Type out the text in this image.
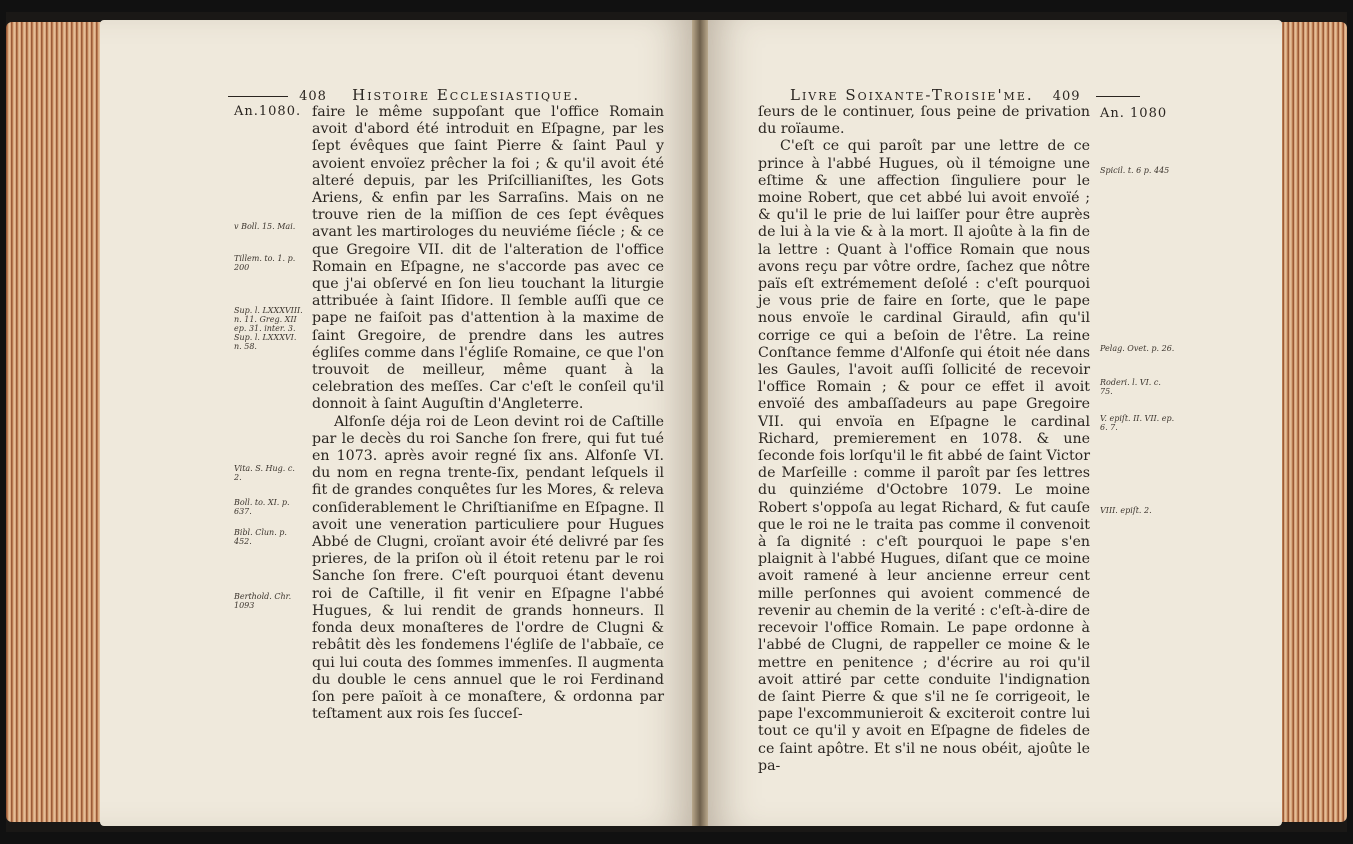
408 Histoire Ecclesiastique.
An.1080. faire le même suppoſant que l'office Romain avoit d'abord été introduit en Eſpagne, par les ſept évêques que ſaint Pierre & ſaint Paul y avoient envoïez prêcher la foi ; & qu'il avoit été alteré depuis, par les Priſcillianiſtes, les Gots Ariens, & enfin par les Sarraſins. Mais on ne trouve rien de la miſſion de ces ſept évêques avant les martirologes du neuviéme ſiécle ; & ce que Gregoire VII. dit de l'alteration de l'office Romain en Eſpagne, ne s'accorde pas avec ce que j'ai obſervé en ſon lieu touchant la liturgie attribuée à ſaint Iſidore. Il ſemble auſſi que ce pape ne faiſoit pas d'attention à la maxime de ſaint Gregoire, de prendre dans les autres égliſes comme dans l'égliſe Romaine, ce que l'on trouvoit de meilleur, même quant à la celebration des meſſes. Car c'eſt le conſeil qu'il donnoit à ſaint Auguſtin d'Angleterre.

Alfonſe déja roi de Leon devint roi de Caſtille par le decès du roi Sanche ſon frere, qui fut tué en 1073. après avoir regné ſix ans. Alfonſe VI. du nom en regna trente-ſix, pendant leſquels il fit de grandes conquêtes ſur les Mores, & releva conſiderablement le Chriſtianiſme en Eſpagne. Il avoit une veneration particuliere pour Hugues Abbé de Clugni, croïant avoir été delivré par ſes prieres, de la priſon où il étoit retenu par le roi Sanche ſon frere. C'eſt pourquoi étant devenu roi de Caſtille, il fit venir en Eſpagne l'abbé Hugues, & lui rendit de grands honneurs. Il fonda deux monaſteres de l'ordre de Clugni & rebâtit dès les fondemens l'égliſe de l'abbaïe, ce qui lui couta des ſommes immenſes. Il augmenta du double le cens annuel que le roi Ferdinand ſon pere païoit à ce monaſtere, & ordonna par teſtament aux rois ſes ſucceſ-

v Boll. 15. Mai.
Tillem. to. 1. p. 200
Sup. l. LXXXVIII. n. 11. Greg. XII ep. 31. inter. 3. Sup. l. LXXXVI. n. 58.
Vita. S. Hug. c. 2.
Boll. to. XI. p. 637.
Bibl. Clun. p. 452.
Berthold. Chr. 1093
Livre Soixante-Troisie'me. 409
An. 1080

ſeurs de le continuer, ſous peine de privation du roïaume.

C'eſt ce qui paroît par une lettre de ce prince à l'abbé Hugues, où il témoigne une eſtime & une affection ſinguliere pour le moine Robert, que cet abbé lui avoit envoïé ; & qu'il le prie de lui laiſſer pour être auprès de lui à la vie & à la mort. Il ajoûte à la fin de la lettre : Quant à l'office Romain que nous avons reçu par vôtre ordre, ſachez que nôtre païs eſt extrémement deſolé : c'eſt pourquoi je vous prie de faire en ſorte, que le pape nous envoïe le cardinal Girauld, afin qu'il corrige ce qui a beſoin de l'être. La reine Conſtance femme d'Alfonſe qui étoit née dans les Gaules, l'avoit auſſi ſollicité de recevoir l'office Romain ; & pour ce effet il avoit envoïé des ambaſſadeurs au pape Gregoire VII. qui envoïa en Eſpagne le cardinal Richard, premierement en 1078. & une ſeconde fois lorſqu'il le fit abbé de ſaint Victor de Marſeille : comme il paroît par ſes lettres du quinziéme d'Octobre 1079. Le moine Robert s'oppoſa au legat Richard, & fut cauſe que le roi ne le traita pas comme il convenoit à ſa dignité : c'eſt pourquoi le pape s'en plaignit à l'abbé Hugues, diſant que ce moine avoit ramené à leur ancienne erreur cent mille perſonnes qui avoient commencé de revenir au chemin de la verité : c'eſt-à-dire de recevoir l'office Romain. Le pape ordonne à l'abbé de Clugni, de rappeller ce moine & le mettre en penitence ; d'écrire au roi qu'il avoit attiré par cette conduite l'indignation de ſaint Pierre & que s'il ne ſe corrigeoit, le pape l'excommunieroit & exciteroit contre lui tout ce qu'il y avoit en Eſpagne de fideles de ce ſaint apôtre. Et s'il ne nous obéit, ajoûte le pa-

Spicil. t. 6 p. 445
Pelag. Ovet. p. 26.
Roderi. l. VI. c. 75.
V. epiſt. II. VII. ep. 6. 7.
VIII. epiſt. 2.
